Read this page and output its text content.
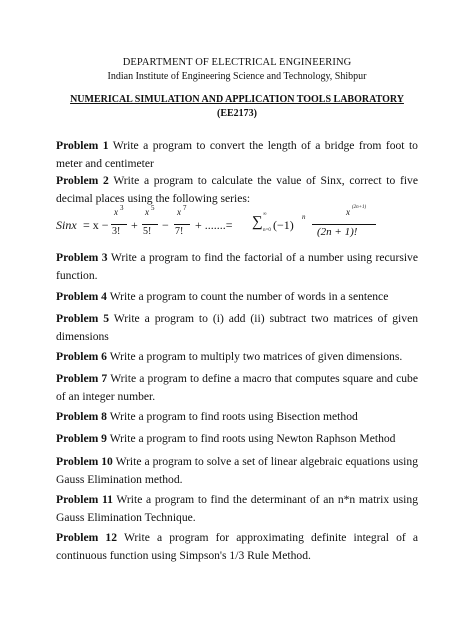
DEPARTMENT OF ELECTRICAL ENGINEERING
Indian Institute of Engineering Science and Technology, Shibpur
NUMERICAL SIMULATION AND APPLICATION TOOLS LABORATORY
(EE2173)
Problem 1 Write a program to convert the length of a bridge from foot to meter and centimeter
Problem 2 Write a program to calculate the value of Sinx, correct to five decimal places using the following series:
Sinx = x −
x 3
3! +
x 5
5! −
x 7
7! + .......= ∑ ∞
n=0 (−1)
n	x (2n+1)
(2n + 1)!
Problem 3 Write a program to find the factorial of a number using recursive function.
Problem 4 Write a program to count the number of words in a sentence
Problem 5 Write a program to (i) add (ii) subtract two matrices of given dimensions
Problem 6 Write a program to multiply two matrices of given dimensions.
Problem 7 Write a program to define a macro that computes square and cube of an integer number.
Problem 8 Write a program to find roots using Bisection method
Problem 9 Write a program to find roots using Newton Raphson Method
Problem 10 Write a program to solve a set of linear algebraic equations using Gauss Elimination method.
Problem 11 Write a program to find the determinant of an n*n matrix using Gauss Elimination Technique.
Problem 12 Write a program for approximating definite integral of a continuous function using Simpson's 1/3 Rule Method.
